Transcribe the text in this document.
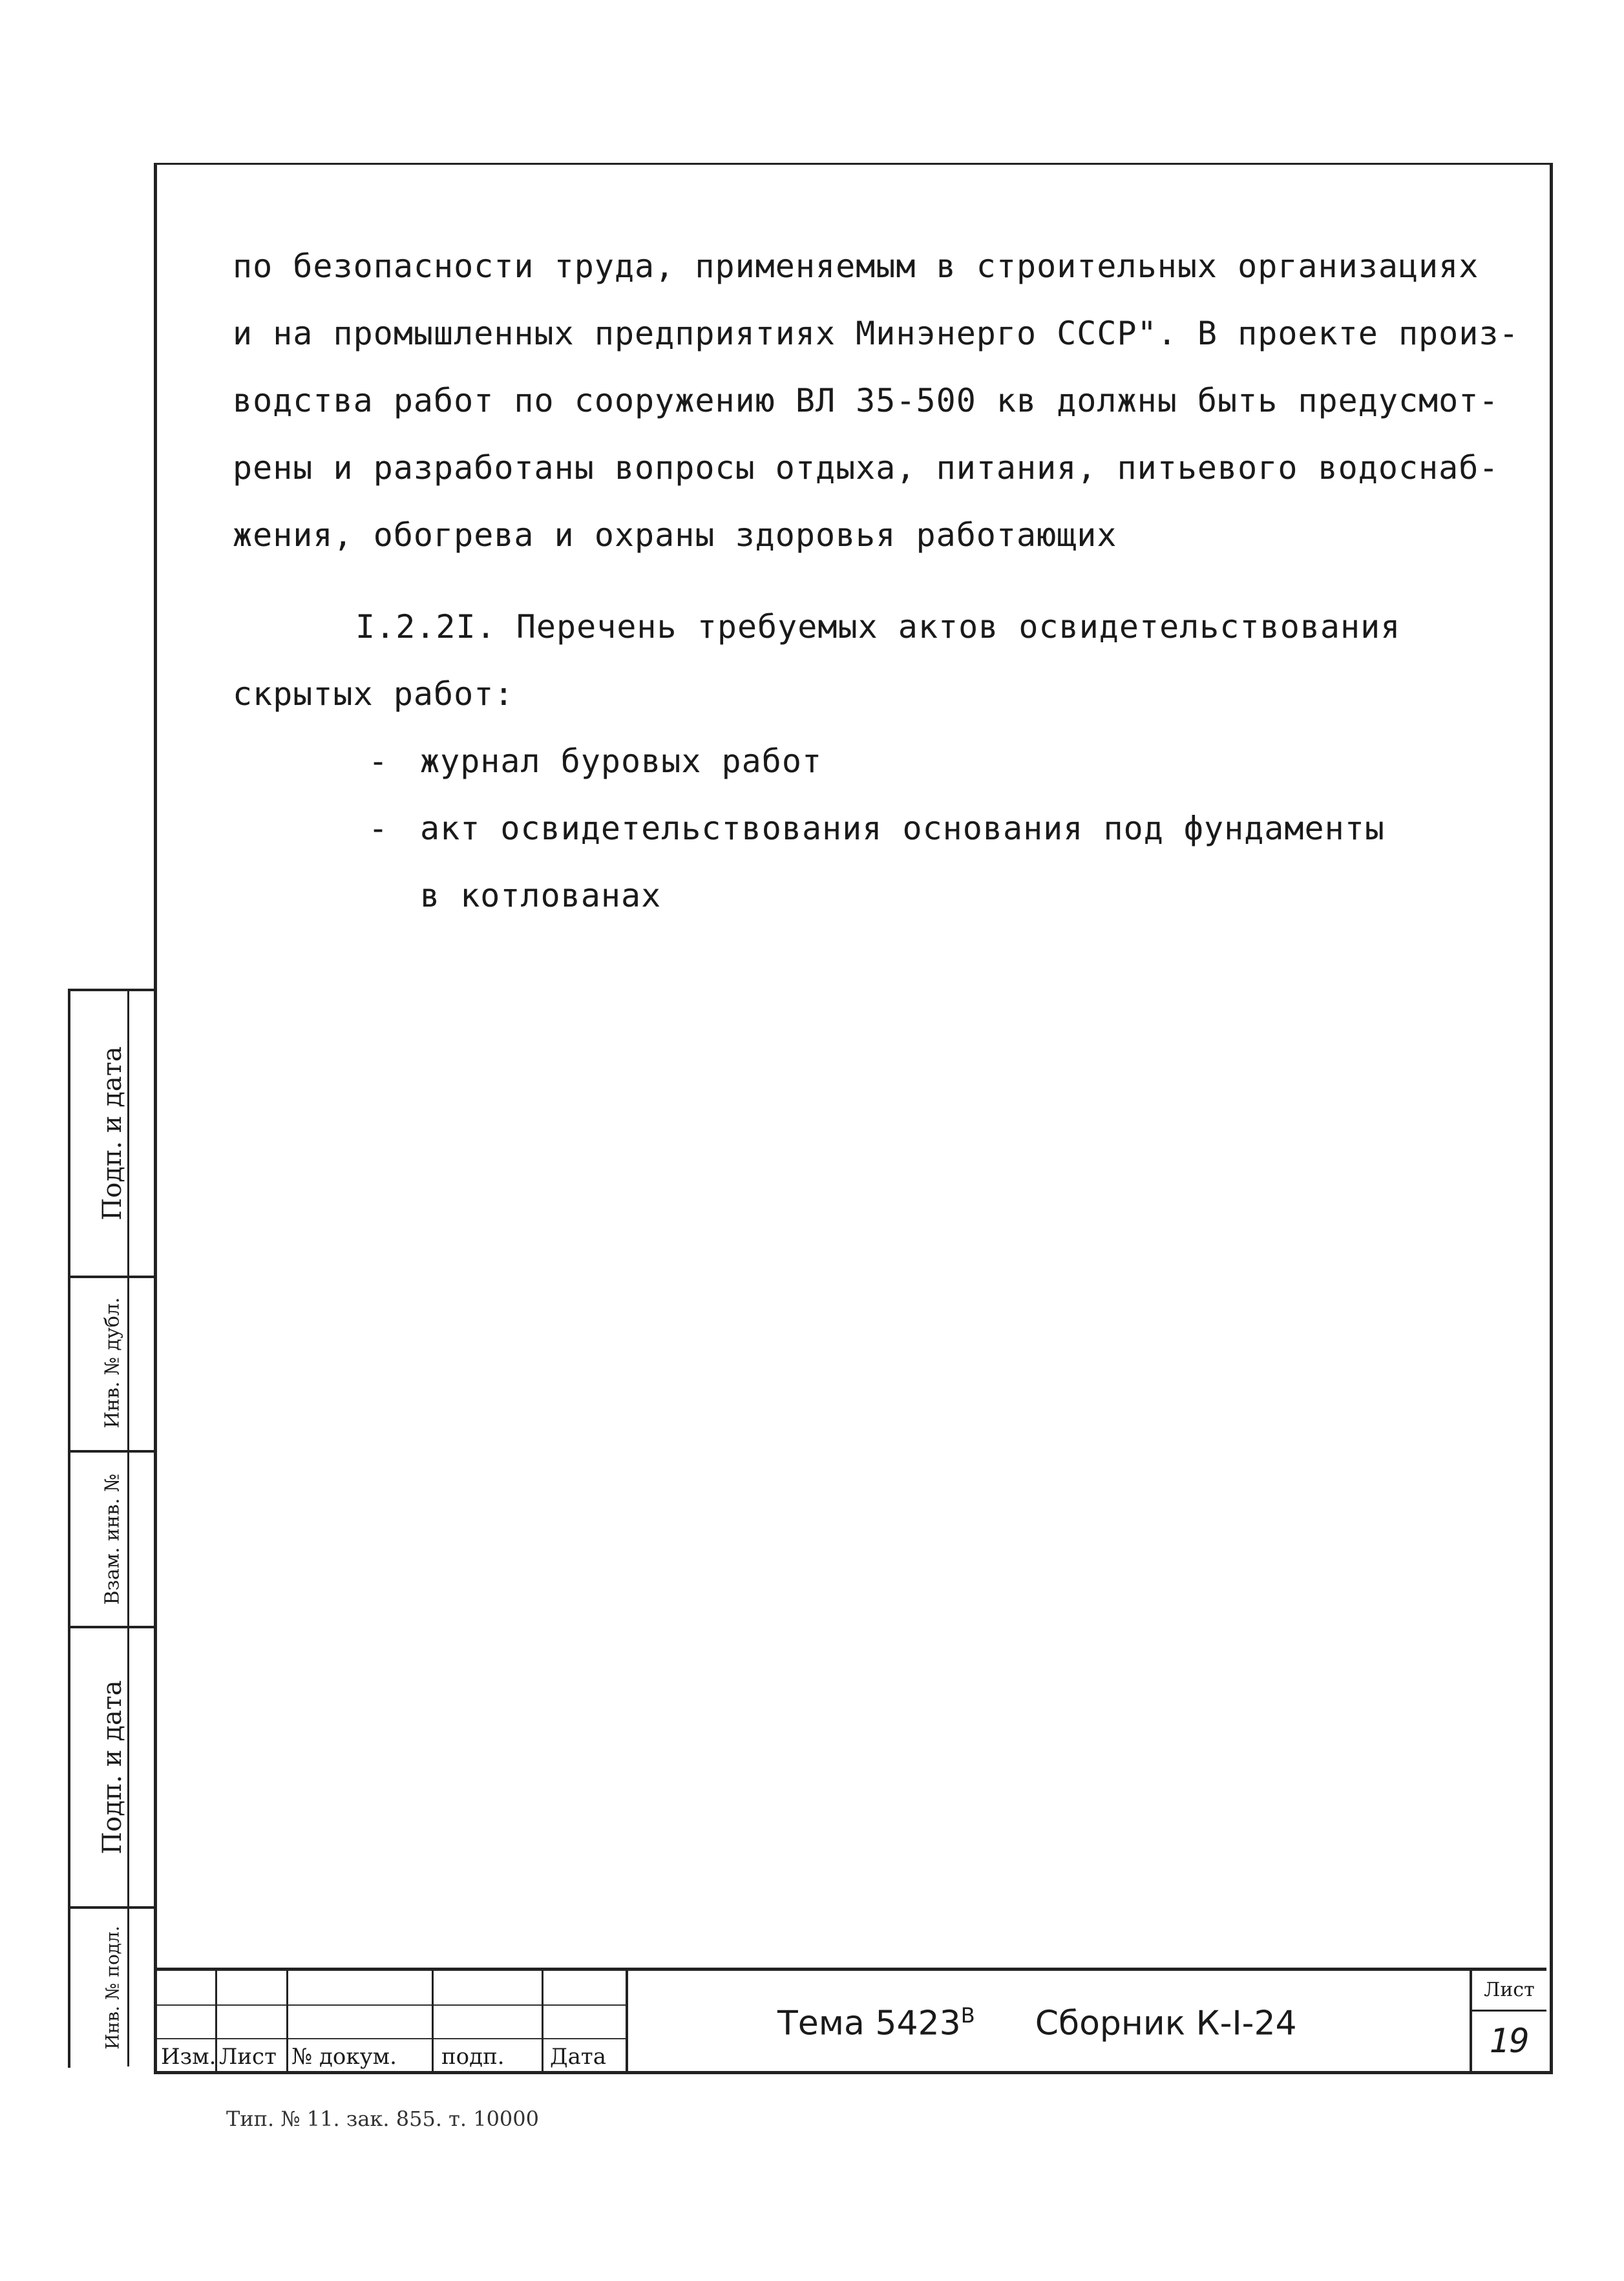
по безопасности труда, применяемым в строительных организациях
и на промышленных предприятиях Минэнерго СССР". В проекте произ-
водства работ по сооружению ВЛ 35-500 кв должны быть предусмот-
рены и разработаны вопросы отдыха, питания, питьевого водоснаб-
жения, обогрева и охраны здоровья работающих
I.2.2I. Перечень требуемых актов освидетельствования
скрытых работ:
- журнал буровых работ
- акт освидетельствования основания под фундаменты
в котлованах
Подп. и дата
Инв. № дубл.
Взам. инв. №
Подп. и дата
Инв. № подл.
Изм. Лист № докум. подп. Дата
Тема $5423^В$ Сборник К-I-24
Лист
19
Тип. № 11. зак. 855. т. 10000
